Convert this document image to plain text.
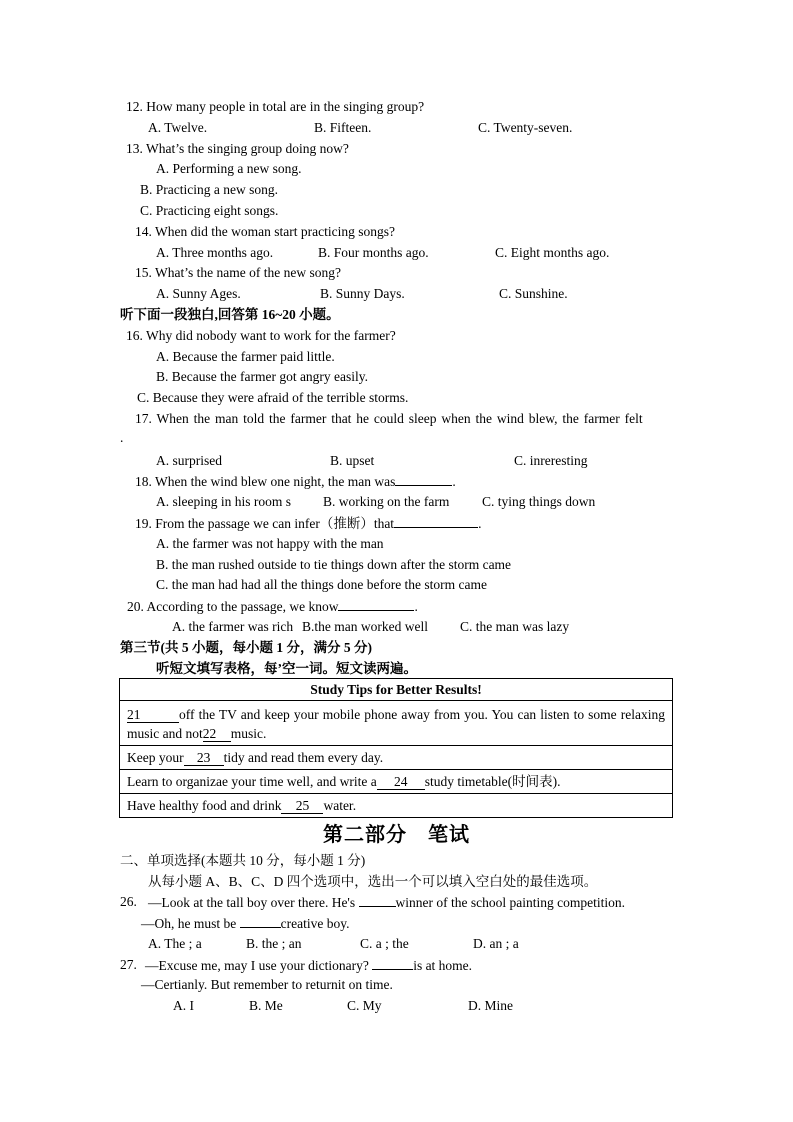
12. How many people in total are in the singing group?
A. Twelve.	B. Fifteen.	C. Twenty-seven.
13. What’s the singing group doing now?
A. Performing a new song.
B. Practicing a new song.
C. Practicing eight songs.
14. When did the woman start practicing songs?
A. Three months ago.	B. Four months ago.	C. Eight months ago.
15. What’s the name of the new song?
A. Sunny Ages.	B. Sunny Days.	C. Sunshine.
听下面一段独白,回答第 16~20 小题。
16. Why did nobody want to work for the farmer?
A. Because the farmer paid little.
B. Because the farmer got angry easily.
C. Because they were afraid of the terrible storms.
17. When the man told the farmer that he could sleep when the wind blew, the farmer felt
.
A. surprised	B. upset	C. inreresting
18. When the wind blew one night, the man was	.
A. sleeping in his room s B. working on the farm C. tying things down
19. From the passage we can infer（推断）that	.
A. the farmer was not happy with the man
B. the man rushed outside to tie things down after the storm came
C. the man had had all the things done before the storm came
20. According to the passage, we know	.
A. the farmer was rich B.the man worked well C. the man was lazy
第三节(共 5 小题，每小题 1 分，满分 5 分)
听短文填写表格，每’空一词。短文读两遍。
Study Tips for Better Results!
21	off the TV and keep your mobile phone away from you. You can listen to some relaxing music and not22 music.
Keep your 23 tidy and read them every day.
Learn to organizae your time well, and write a 24 study timetable(时间表).
Have healthy food and drink 25 water.
第二部分　笔试
二、单项选择(本题共 10 分，每小题 1 分)
从每小题 A、B、C、D 四个选项中，选出一个可以填入空白处的最佳选项。
26. —Look at the tall boy over there. He's	winner of the school painting competition.
—Oh, he must be	creative boy.
A. The ; a	B. the ; an	C. a ; the	D. an ; a
27. —Excuse me, may I use your dictionary?	is at home.
—Certianly. But remember to returnit on time.
A. I	B. Me	C. My	D. Mine
